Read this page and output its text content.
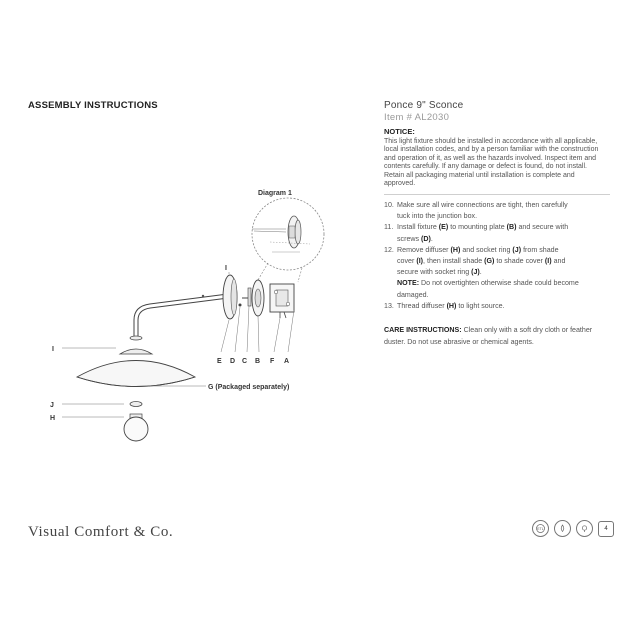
ASSEMBLY INSTRUCTIONS	Ponce 9" Sconce
Item # AL2030
NOTICE:
This light fixture should be installed in accordance with all applicable, local installation codes, and by a person familiar with the construction and operation of it, as well as the hazards involved. Inspect item and contents carefully. If any damage or defect is found, do not install. Retain all packaging material until installation is complete and approved.
10. Make sure all wire connections are tight, then carefully
tuck into the junction box.
11. Install fixture (E) to mounting plate (B) and secure with
screws (D).
12. Remove diffuser (H) and socket ring (J) from shade
cover (I), then install shade (G) to shade cover (I) and
secure with socket ring (J).
NOTE: Do not overtighten otherwise shade could become
damaged.
13. Thread diffuser (H) to light source.
CARE INSTRUCTIONS: Clean only with a soft dry cloth or feather duster. Do not use abrasive or chemical agents.
Diagram 1
I
E D C B F A
I
G (Packaged separately)
J
H
Visual Comfort & Co.	ETL	4
